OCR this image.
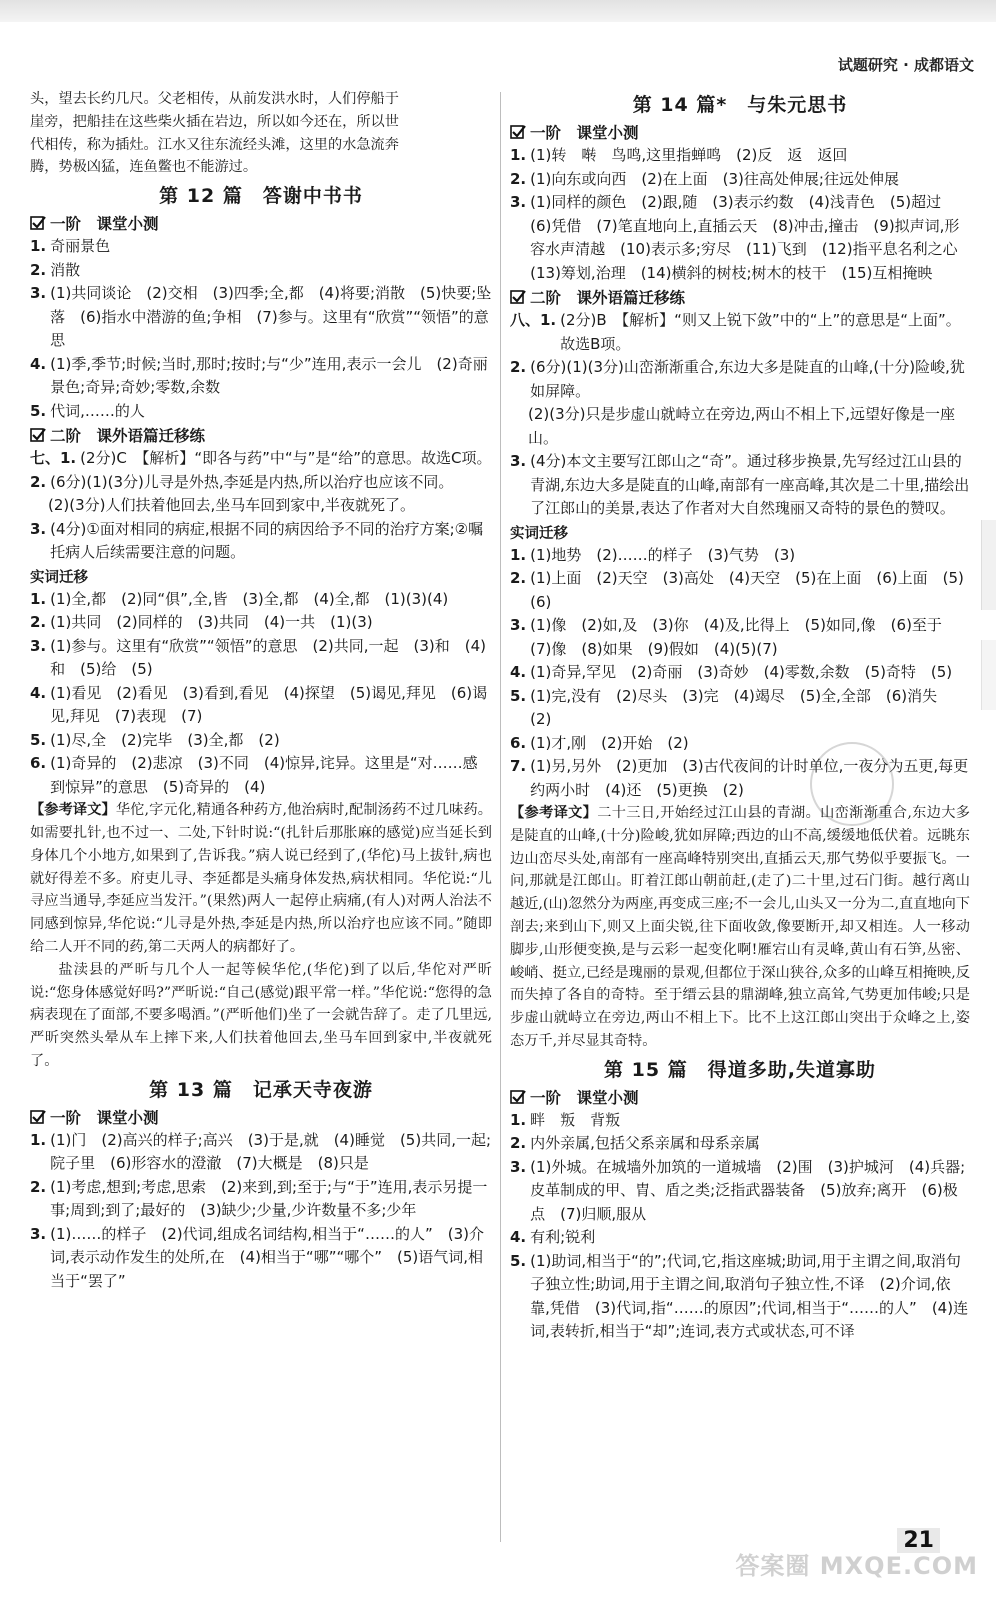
试题研究 · 成都语文

头，望去长约几尺。父老相传，从前发洪水时，人们停船于

崖旁，把船挂在这些柴火插在岩边，所以如今还在，所以世

代相传，称为插灶。江水又往东流经头滩，这里的水急流奔

腾，势极凶猛，连鱼鳖也不能游过。

第 12 篇　答谢中书书
一阶　课堂小测
1. 奇丽景色
2. 消散
3. (1)共同谈论　(2)交相　(3)四季;全,都　(4)将要;消散　(5)快要;坠落　(6)指水中潜游的鱼;争相　(7)参与。这里有“欣赏”“领悟”的意思
4. (1)季,季节;时候;当时,那时;按时;与“少”连用,表示一会儿　(2)奇丽景色;奇异;奇妙;零数,余数
5. 代词,……的人
二阶　课外语篇迁移练
七、1. (2分)C　【解析】“即各与药”中“与”是“给”的意思。故选C项。
2. (6分)(1)(3分)儿寻是外热,李延是内热,所以治疗也应该不同。
(2)(3分)人们扶着他回去,坐马车回到家中,半夜就死了。
3. (4分)①面对相同的病症,根据不同的病因给予不同的治疗方案;②嘱托病人后续需要注意的问题。
实词迁移
1. (1)全,都　(2)同“俱”,全,皆　(3)全,都　(4)全,都　(1)(3)(4)
2. (1)共同　(2)同样的　(3)共同　(4)一共　(1)(3)
3. (1)参与。这里有“欣赏”“领悟”的意思　(2)共同,一起　(3)和　(4)和　(5)给　(5)
4. (1)看见　(2)看见　(3)看到,看见　(4)探望　(5)谒见,拜见　(6)谒见,拜见　(7)表现　(7)
5. (1)尽,全　(2)完毕　(3)全,都　(2)
6. (1)奇异的　(2)悲凉　(3)不同　(4)惊异,诧异。这里是“对……感到惊异”的意思　(5)奇异的　(4)

【参考译文】华佗,字元化,精通各种药方,他治病时,配制汤药不过几味药。如需要扎针,也不过一、二处,下针时说:“(扎针后那胀麻的感觉)应当延长到身体几个小地方,如果到了,告诉我。”病人说已经到了,(华佗)马上拔针,病也就好得差不多。府吏儿寻、李延都是头痛身体发热,病状相同。华佗说:“儿寻应当通导,李延应当发汗。”(果然)两人一起停止病痛,(有人)对两人治法不同感到惊异,华佗说:“儿寻是外热,李延是内热,所以治疗也应该不同。”随即给二人开不同的药,第二天两人的病都好了。

盐渎县的严昕与几个人一起等候华佗,(华佗)到了以后,华佗对严昕说:“您身体感觉好吗?”严昕说:“自己(感觉)跟平常一样。”华佗说:“您得的急病表现在了面部,不要多喝酒。”(严昕他们)坐了一会就告辞了。走了几里远,严昕突然头晕从车上摔下来,人们扶着他回去,坐马车回到家中,半夜就死了。

第 13 篇　记承天寺夜游
一阶　课堂小测
1. (1)门　(2)高兴的样子;高兴　(3)于是,就　(4)睡觉　(5)共同,一起;院子里　(6)形容水的澄澈　(7)大概是　(8)只是
2. (1)考虑,想到;考虑,思索　(2)来到,到;至于;与“于”连用,表示另提一事;周到;到了;最好的　(3)缺少;少量,少许数量不多;少年
3. (1)……的样子　(2)代词,组成名词结构,相当于“……的人”　(3)介词,表示动作发生的处所,在　(4)相当于“哪”“哪个”　(5)语气词,相当于“罢了”
第 14 篇*　与朱元思书
一阶　课堂小测
1. (1)转　啭　鸟鸣,这里指蝉鸣　(2)反　返　返回
2. (1)向东或向西　(2)在上面　(3)往高处伸展;往远处伸展
3. (1)同样的颜色　(2)跟,随　(3)表示约数　(4)浅青色　(5)超过　(6)凭借　(7)笔直地向上,直插云天　(8)冲击,撞击　(9)拟声词,形容水声清越　(10)表示多;穷尽　(11)飞到　(12)指平息名利之心　(13)筹划,治理　(14)横斜的树枝;树木的枝干　(15)互相掩映
二阶　课外语篇迁移练
八、1. (2分)B　【解析】“则又上锐下敛”中的“上”的意思是“上面”。故选B项。
2. (6分)(1)(3分)山峦渐渐重合,东边大多是陡直的山峰,(十分)险峻,犹如屏障。
(2)(3分)只是步虚山就峙立在旁边,两山不相上下,远望好像是一座山。
3. (4分)本文主要写江郎山之“奇”。通过移步换景,先写经过江山县的青湖,东边大多是陡直的山峰,南部有一座高峰,其次是二十里,描绘出了江郎山的美景,表达了作者对大自然瑰丽又奇特的景色的赞叹。
实词迁移
1. (1)地势　(2)……的样子　(3)气势　(3)
2. (1)上面　(2)天空　(3)高处　(4)天空　(5)在上面　(6)上面　(5)　(6)
3. (1)像　(2)如,及　(3)你　(4)及,比得上　(5)如同,像　(6)至于　(7)像　(8)如果　(9)假如　(4)(5)(7)
4. (1)奇异,罕见　(2)奇丽　(3)奇妙　(4)零数,余数　(5)奇特　(5)
5. (1)完,没有　(2)尽头　(3)完　(4)竭尽　(5)全,全部　(6)消失　(2)
6. (1)才,刚　(2)开始　(2)
7. (1)另,另外　(2)更加　(3)古代夜间的计时单位,一夜分为五更,每更约两小时　(4)还　(5)更换　(2)

【参考译文】二十三日,开始经过江山县的青湖。山峦渐渐重合,东边大多是陡直的山峰,(十分)险峻,犹如屏障;西边的山不高,缓缓地低伏着。远眺东边山峦尽头处,南部有一座高峰特别突出,直插云天,那气势似乎要振飞。一问,那就是江郎山。盯着江郎山朝前赶,(走了)二十里,过石门街。越行离山越近,(山)忽然分为两座,再变成三座;不一会儿,山头又一分为二,直直地向下剖去;来到山下,则又上面尖锐,往下面收敛,像要断开,却又相连。人一移动脚步,山形便变换,是与云彩一起变化啊!雁宕山有灵峰,黄山有石笋,丛密、峻峭、挺立,已经是瑰丽的景观,但都位于深山狭谷,众多的山峰互相掩映,反而失掉了各自的奇特。至于缙云县的鼎湖峰,独立高耸,气势更加伟峻;只是步虚山就峙立在旁边,两山不相上下。比不上这江郎山突出于众峰之上,姿态万千,并尽显其奇特。

第 15 篇　得道多助,失道寡助
一阶　课堂小测
1. 畔　叛　背叛
2. 内外亲属,包括父系亲属和母系亲属
3. (1)外城。在城墙外加筑的一道城墙　(2)围　(3)护城河　(4)兵器;皮革制成的甲、胄、盾之类;泛指武器装备　(5)放弃;离开　(6)极点　(7)归顺,服从
4. 有利;锐利
5. (1)助词,相当于“的”;代词,它,指这座城;助词,用于主谓之间,取消句子独立性;助词,用于主谓之间,取消句子独立性,不译　(2)介词,依靠,凭借　(3)代词,指“……的原因”;代词,相当于“……的人”　(4)连词,表转折,相当于“却”;连词,表方式或状态,可不译
21
答案圈 MXQE.COM
